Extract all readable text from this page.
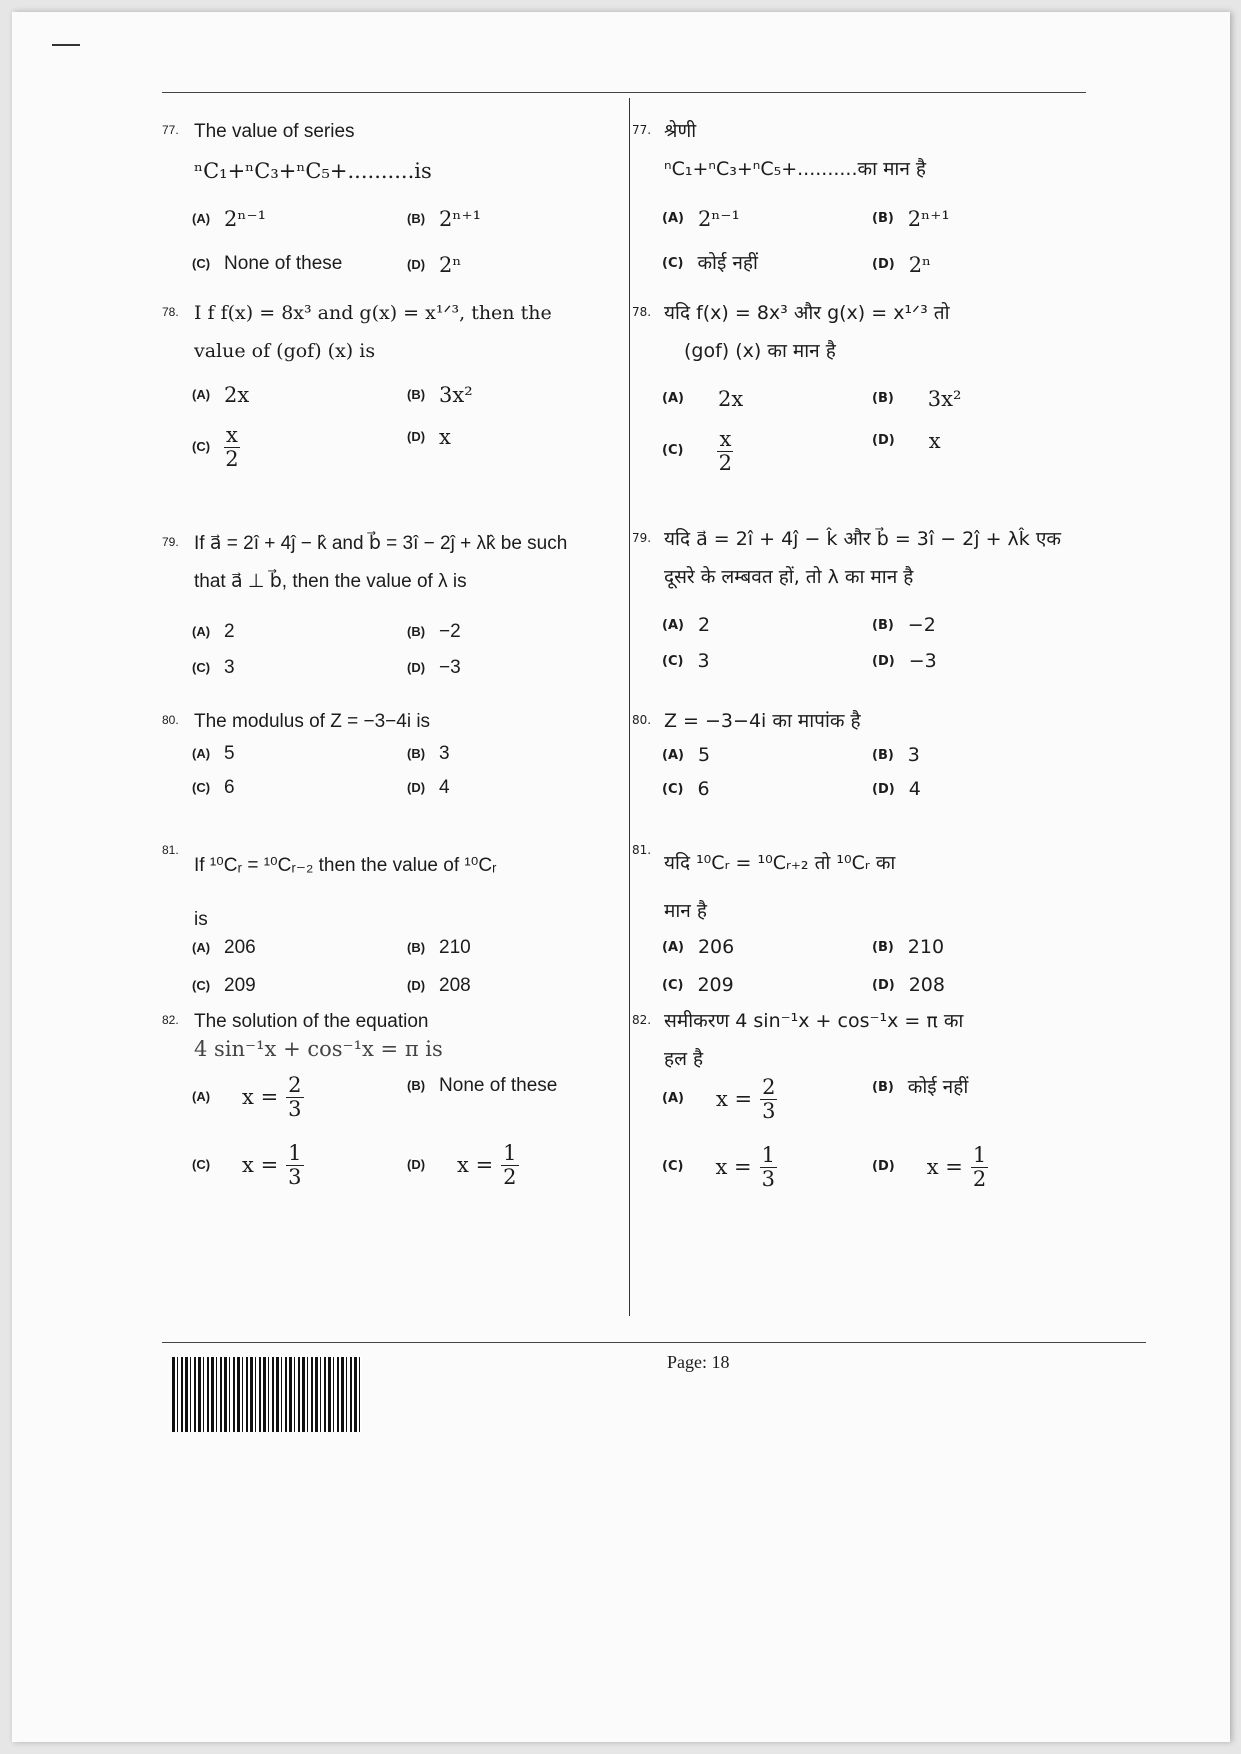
77. The value of series
ⁿC₁+ⁿC₃+ⁿC₅+..........is
(A) 2ⁿ⁻¹	(B) 2ⁿ⁺¹
(C) None of these	(D) 2ⁿ
78. I f f(x) = 8x³ and g(x) = x¹ᐟ³, then the
value of (gof) (x) is
(A) 2x	(B) 3x²
$(C) \frac{x}{2}$	(D) x
79. If a⃗ = 2î + 4ĵ − k̂ and b⃗ = 3î − 2ĵ + λk̂ be such
that a⃗ ⊥ b⃗, then the value of λ is
(A) 2	(B) −2
(C) 3	(D) −3
80. The modulus of Z = −3−4i is
(A) 5	(B) 3
(C) 6	(D) 4
81.
If ¹⁰Cᵣ = ¹⁰Cᵣ₋₂ then the value of ¹⁰Cᵣ
is
(A) 206	(B) 210
(C) 209	(D) 208
82. The solution of the equation
4 sin⁻¹x + cos⁻¹x = π is
(A) $x = \frac{2}{3}$	(B) None of these
(C) $x = \frac{1}{3}$	(D) $x = \frac{1}{2}$
77. श्रेणी
ⁿC₁+ⁿC₃+ⁿC₅+..........का मान है
(A) 2ⁿ⁻¹	(B) 2ⁿ⁺¹
(C) कोई नहीं	(D) 2ⁿ
78. यदि f(x) = 8x³ और g(x) = x¹ᐟ³ तो
(gof) (x) का मान है
(A) 2x	(B) 3x²
$(C) \frac{x}{2}$	(D) x
79. यदि a⃗ = 2î + 4ĵ − k̂ और b⃗ = 3î − 2ĵ + λk̂ एक
दूसरे के लम्बवत हों, तो λ का मान है
(A) 2	(B) −2
(C) 3	(D) −3
80. Z = −3−4i का मापांक है
(A) 5	(B) 3
(C) 6	(D) 4
81.
यदि ¹⁰Cᵣ = ¹⁰Cᵣ₊₂ तो ¹⁰Cᵣ का
मान है
(A) 206	(B) 210
(C) 209	(D) 208
82. समीकरण 4 sin⁻¹x + cos⁻¹x = π का
हल है
(A) $x = \frac{2}{3}$	(B) कोई नहीं
(C) $x = \frac{1}{3}$	(D) $x = \frac{1}{2}$
Page: 18
